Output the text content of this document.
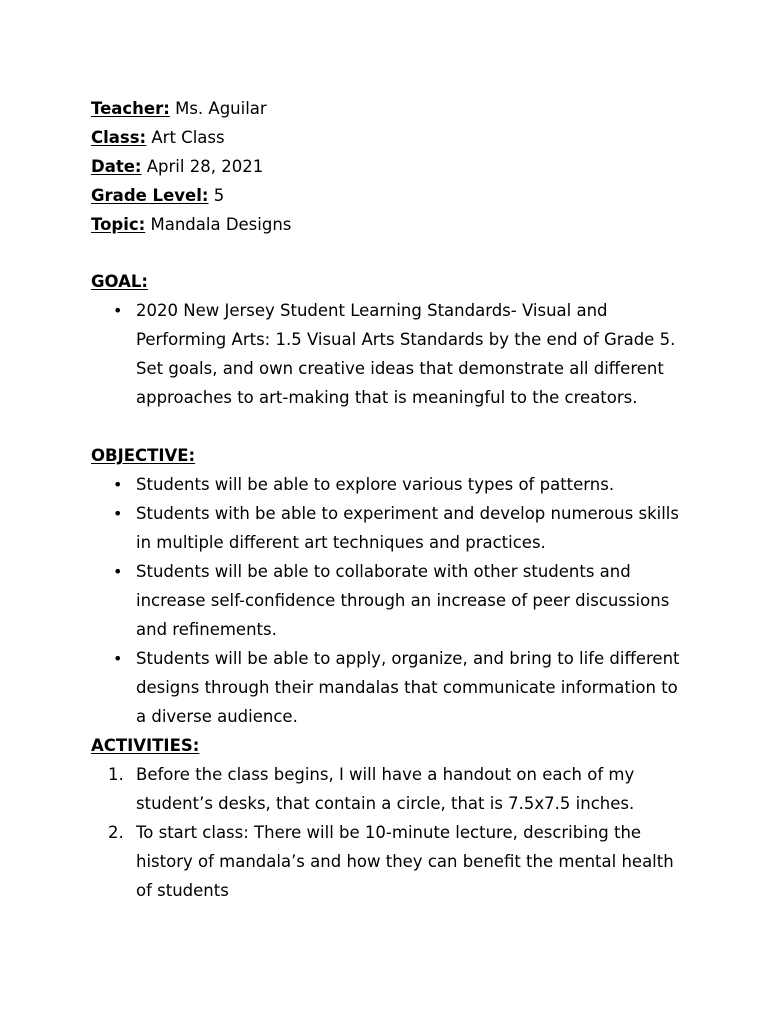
Teacher: Ms. Aguilar
Class: Art Class
Date: April 28, 2021
Grade Level: 5
Topic: Mandala Designs
GOAL:
• 2020 New Jersey Student Learning Standards- Visual and Performing Arts: 1.5 Visual Arts Standards by the end of Grade 5. Set goals, and own creative ideas that demonstrate all different approaches to art-making that is meaningful to the creators.
OBJECTIVE:
• Students will be able to explore various types of patterns.
• Students with be able to experiment and develop numerous skills in multiple different art techniques and practices.
• Students will be able to collaborate with other students and increase self-confidence through an increase of peer discussions and refinements.
• Students will be able to apply, organize, and bring to life different designs through their mandalas that communicate information to a diverse audience.
ACTIVITIES:
1. Before the class begins, I will have a handout on each of my student’s desks, that contain a circle, that is 7.5x7.5 inches.
2. To start class: There will be 10-minute lecture, describing the history of mandala’s and how they can benefit the mental health of students
